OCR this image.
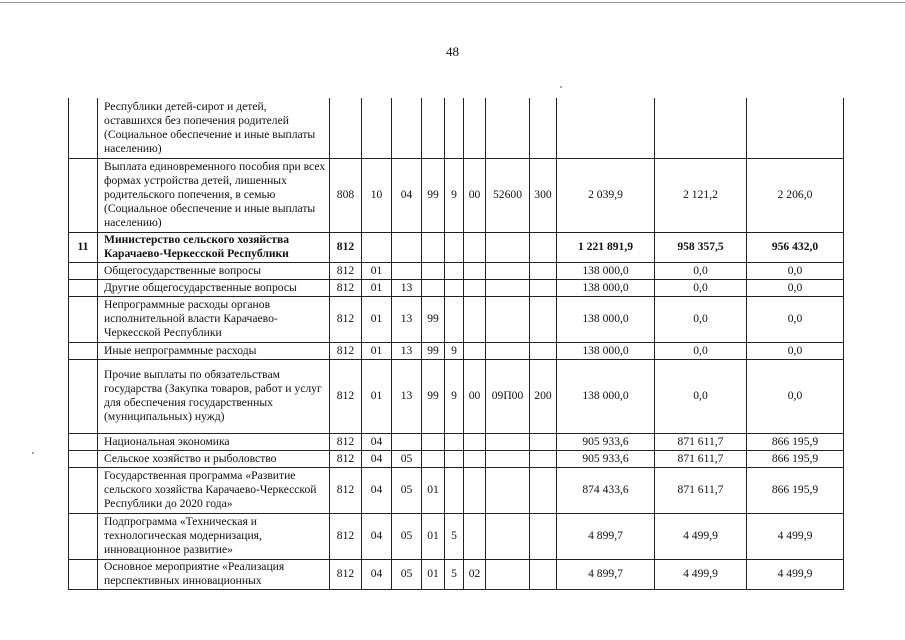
48
	Республики детей-сирот и детей, оставшихся без попечения родителей (Социальное обеспечение и иные выплаты населению)											
	Выплата единовременного пособия при всех формах устройства детей, лишенных родительского попечения, в семью (Социальное обеспечение и иные выплаты населению)	808	10	04	99	9	00	52600	300	2 039,9	2 121,2	2 206,0
11	Министерство сельского хозяйства Карачаево-Черкесской Республики	812								1 221 891,9	958 357,5	956 432,0
	Общегосударственные вопросы	812	01							138 000,0	0,0	0,0
	Другие общегосударственные вопросы	812	01	13						138 000,0	0,0	0,0
	Непрограммные расходы органов исполнительной власти Карачаево-Черкесской Республики	812	01	13	99					138 000,0	0,0	0,0
	Иные непрограммные расходы	812	01	13	99	9				138 000,0	0,0	0,0
	Прочие выплаты по обязательствам государства (Закупка товаров, работ и услуг для обеспечения государственных (муниципальных) нужд)	812	01	13	99	9	00	09П00	200	138 000,0	0,0	0,0
	Национальная экономика	812	04							905 933,6	871 611,7	866 195,9
	Сельское хозяйство и рыболовство	812	04	05						905 933,6	871 611,7	866 195,9
	Государственная программа «Развитие сельского хозяйства Карачаево-Черкесской Республики до 2020 года»	812	04	05	01					874 433,6	871 611,7	866 195,9
	Подпрограмма «Техническая и технологическая модернизация, инновационное развитие»	812	04	05	01	5				4 899,7	4 499,9	4 499,9
	Основное мероприятие «Реализация перспективных инновационных	812	04	05	01	5	02			4 899,7	4 499,9	4 499,9
